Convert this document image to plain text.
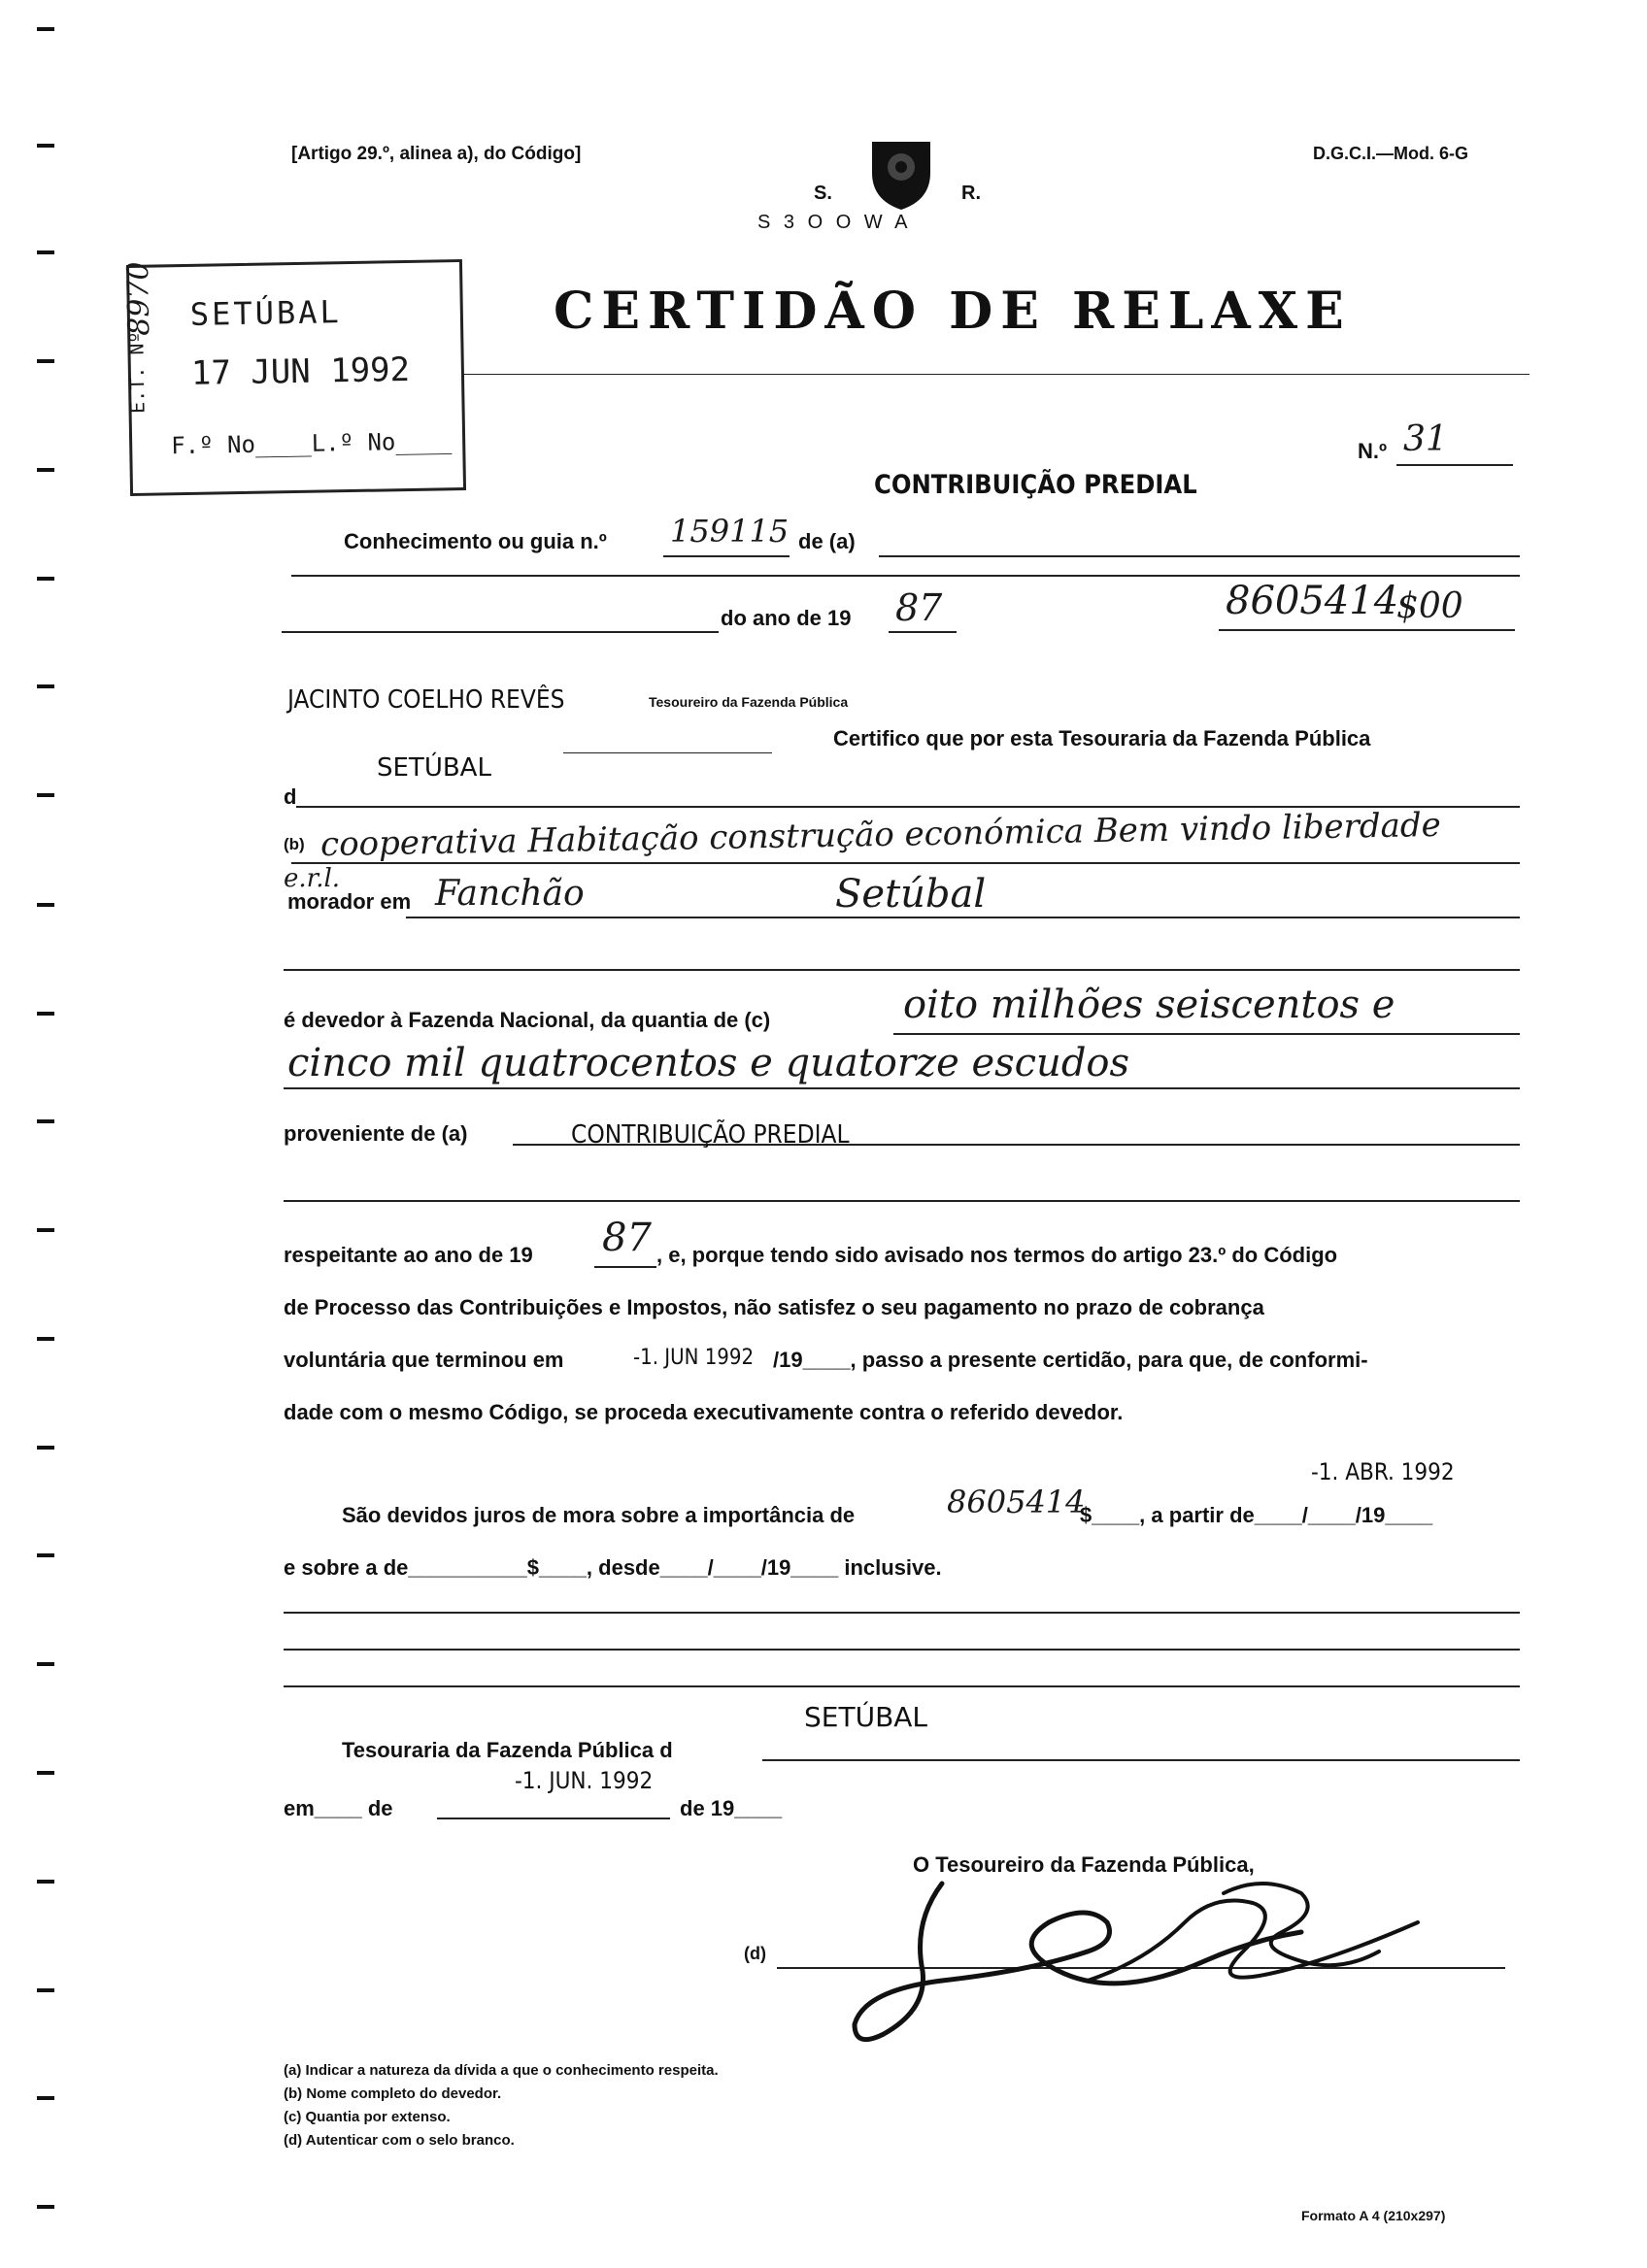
[Artigo 29.º, alinea a), do Código]	D.G.C.I.—Mod. 6-G
S.	R.
S 3 O O W A
CERTIDÃO DE RELAXE
SETÚBAL
17 JUN 1992
F.º No____L.º No____
E.T. Nº
8970
N.º 31
CONTRIBUIÇÃO PREDIAL
Conhecimento ou guia n.º 159115 de (a)
do ano de 19 87	8605414
$00
JACINTO COELHO REVÊS	Tesoureiro da Fazenda Pública
Certifico que por esta Tesouraria da Fazenda Pública
SETÚBAL
d
(b) cooperativa Habitação construção económica Bem vindo liberdade
e.r.l.
morador em Fanchão	Setúbal
é devedor à Fazenda Nacional, da quantia de (c)	oito milhões seiscentos e
cinco mil quatrocentos e quatorze escudos
proveniente de (a)	CONTRIBUIÇÃO PREDIAL
respeitante ao ano de 19 87 , e, porque tendo sido avisado nos termos do artigo 23.º do Código
de Processo das Contribuições e Impostos, não satisfez o seu pagamento no prazo de cobrança
voluntária que terminou em	-1. JUN 1992 /19____, passo a presente certidão, para que, de conformi-
dade com o mesmo Código, se proceda executivamente contra o referido devedor.
-1. ABR. 1992
São devidos juros de mora sobre a importância de	8605414
$____, a partir de____/____/19____
e sobre a de__________$____, desde____/____/19____ inclusive.
SETÚBAL
Tesouraria da Fazenda Pública d
em____ de
-1. JUN. 1992
de 19____
O Tesoureiro da Fazenda Pública,
(d)
(a) Indicar a natureza da dívida a que o conhecimento respeita.
(b) Nome completo do devedor.
(c) Quantia por extenso.
(d) Autenticar com o selo branco.
Formato A 4 (210x297)
